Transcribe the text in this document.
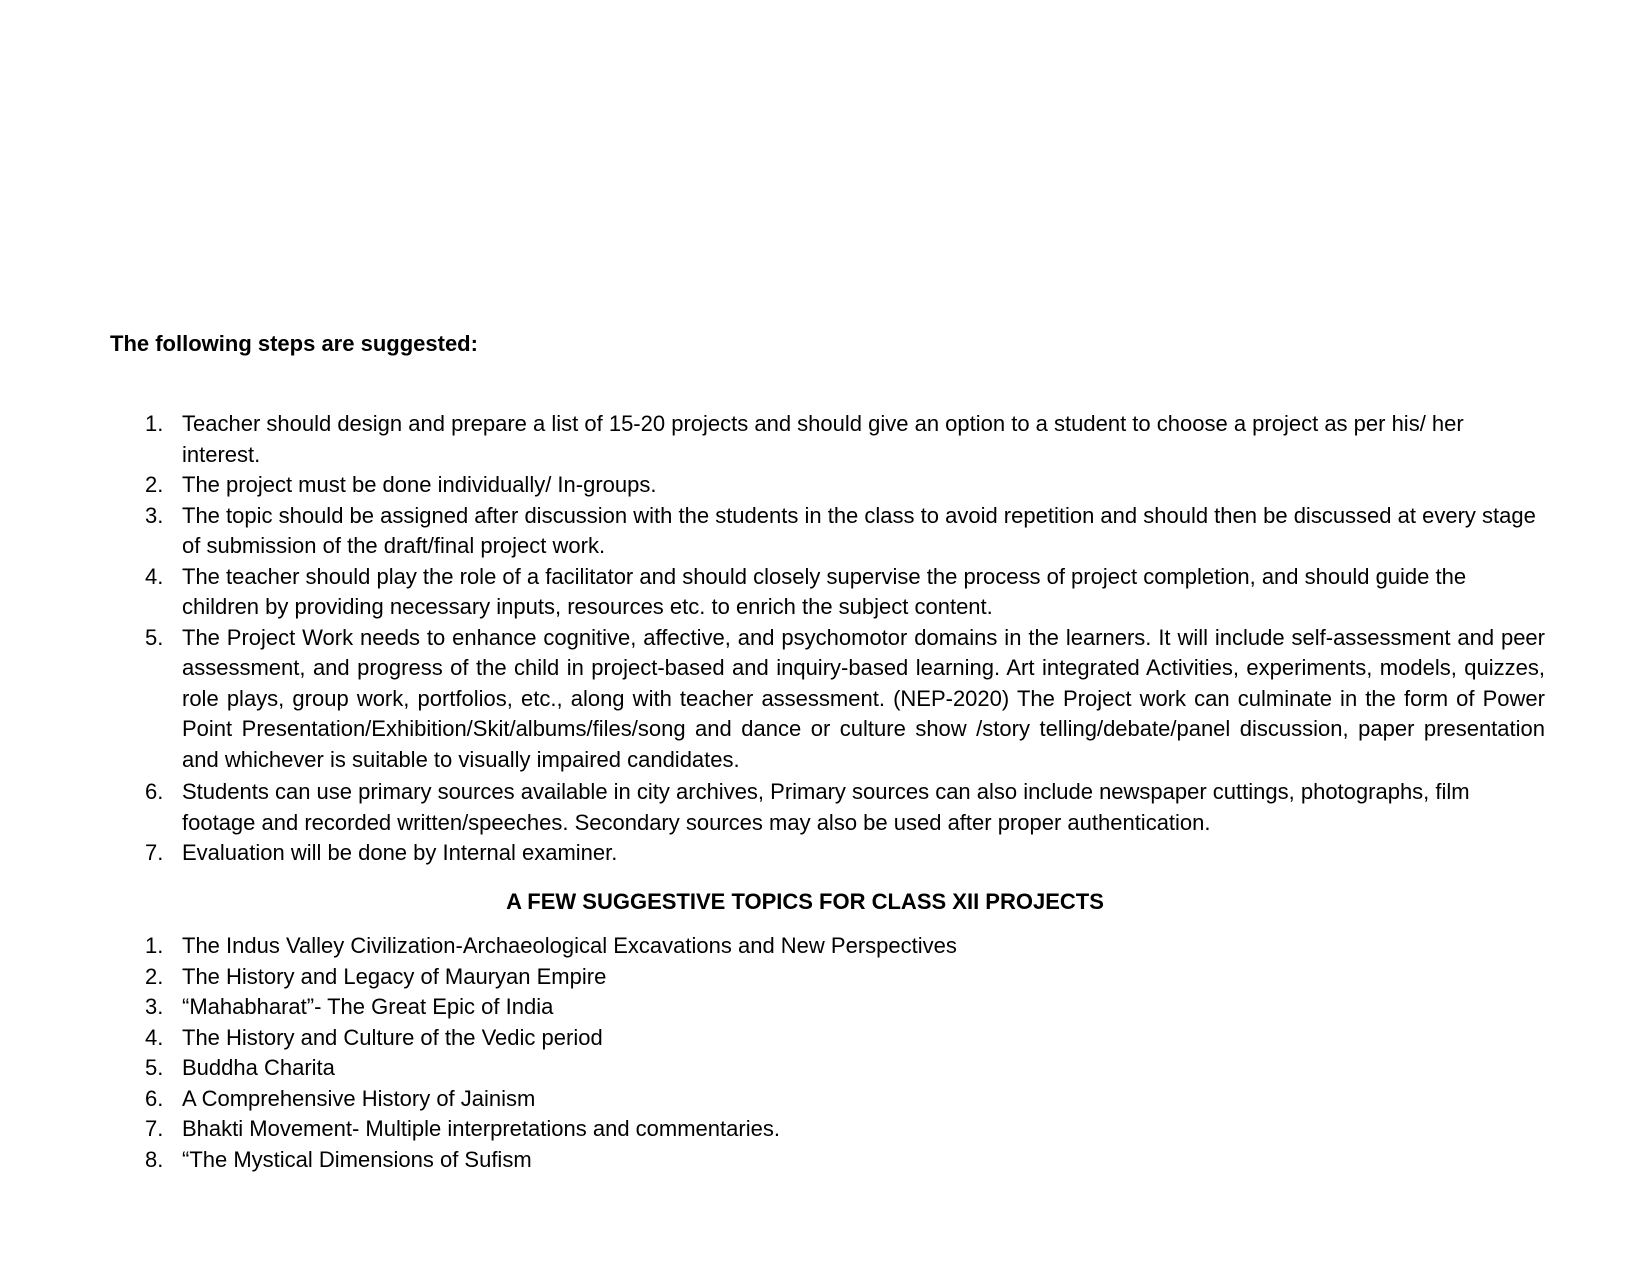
The following steps are suggested:

1. Teacher should design and prepare a list of 15-20 projects and should give an option to a student to choose a project as per his/ her interest.
2. The project must be done individually/ In-groups.
3. The topic should be assigned after discussion with the students in the class to avoid repetition and should then be discussed at every stage of submission of the draft/final project work.
4. The teacher should play the role of a facilitator and should closely supervise the process of project completion, and should guide the children by providing necessary inputs, resources etc. to enrich the subject content.
5. The Project Work needs to enhance cognitive, affective, and psychomotor domains in the learners. It will include self-assessment and peer assessment, and progress of the child in project-based and inquiry-based learning. Art integrated Activities, experiments, models, quizzes, role plays, group work, portfolios, etc., along with teacher assessment. (NEP-2020) The Project work can culminate in the form of Power Point Presentation/Exhibition/Skit/albums/files/song and dance or culture show /story telling/debate/panel discussion, paper presentation and whichever is suitable to visually impaired candidates.
6. Students can use primary sources available in city archives, Primary sources can also include newspaper cuttings, photographs, film footage and recorded written/speeches. Secondary sources may also be used after proper authentication.
7. Evaluation will be done by Internal examiner.

A FEW SUGGESTIVE TOPICS FOR CLASS XII PROJECTS

1. The Indus Valley Civilization-Archaeological Excavations and New Perspectives
2. The History and Legacy of Mauryan Empire
3. “Mahabharat”- The Great Epic of India
4. The History and Culture of the Vedic period
5. Buddha Charita
6. A Comprehensive History of Jainism
7. Bhakti Movement- Multiple interpretations and commentaries.
8. “The Mystical Dimensions of Sufism
